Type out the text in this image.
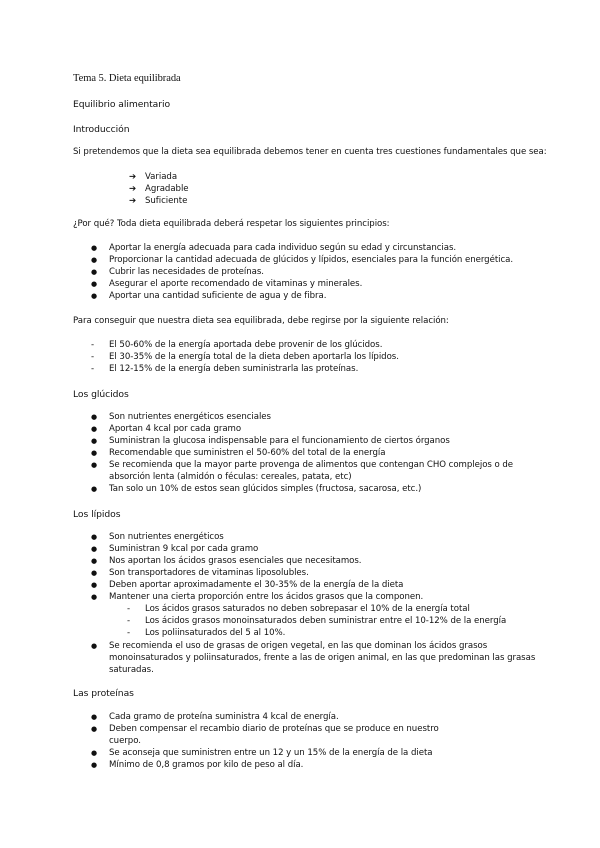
Tema 5. Dieta equilibrada
Equilibrio alimentario
Introducción
Si pretendemos que la dieta sea equilibrada debemos tener en cuenta tres cuestiones fundamentales que sea:
➔ Variada
➔ Agradable
➔ Suficiente
¿Por qué? Toda dieta equilibrada deberá respetar los siguientes principios:
● Aportar la energía adecuada para cada individuo según su edad y circunstancias.
● Proporcionar la cantidad adecuada de glúcidos y lípidos, esenciales para la función energética.
● Cubrir las necesidades de proteínas.
● Asegurar el aporte recomendado de vitaminas y minerales.
● Aportar una cantidad suficiente de agua y de fibra.
Para conseguir que nuestra dieta sea equilibrada, debe regirse por la siguiente relación:
- El 50-60% de la energía aportada debe provenir de los glúcidos.
- El 30-35% de la energía total de la dieta deben aportarla los lípidos.
- El 12-15% de la energía deben suministrarla las proteínas.
Los glúcidos
● Son nutrientes energéticos esenciales
● Aportan 4 kcal por cada gramo
● Suministran la glucosa indispensable para el funcionamiento de ciertos órganos
● Recomendable que suministren el 50-60% del total de la energía
● Se recomienda que la mayor parte provenga de alimentos que contengan CHO complejos o de
absorción lenta (almidón o féculas: cereales, patata, etc)
● Tan solo un 10% de estos sean glúcidos simples (fructosa, sacarosa, etc.)
Los lípidos
● Son nutrientes energéticos
● Suministran 9 kcal por cada gramo
● Nos aportan los ácidos grasos esenciales que necesitamos.
● Son transportadores de vitaminas liposolubles.
● Deben aportar aproximadamente el 30-35% de la energía de la dieta
● Mantener una cierta proporción entre los ácidos grasos que la componen.
- Los ácidos grasos saturados no deben sobrepasar el 10% de la energía total
- Los ácidos grasos monoinsaturados deben suministrar entre el 10-12% de la energía
- Los poliinsaturados del 5 al 10%.
● Se recomienda el uso de grasas de origen vegetal, en las que dominan los ácidos grasos
monoinsaturados y poliinsaturados, frente a las de origen animal, en las que predominan las grasas
saturadas.
Las proteínas
● Cada gramo de proteína suministra 4 kcal de energía.
● Deben compensar el recambio diario de proteínas que se produce en nuestro
cuerpo.
● Se aconseja que suministren entre un 12 y un 15% de la energía de la dieta
● Mínimo de 0,8 gramos por kilo de peso al día.
